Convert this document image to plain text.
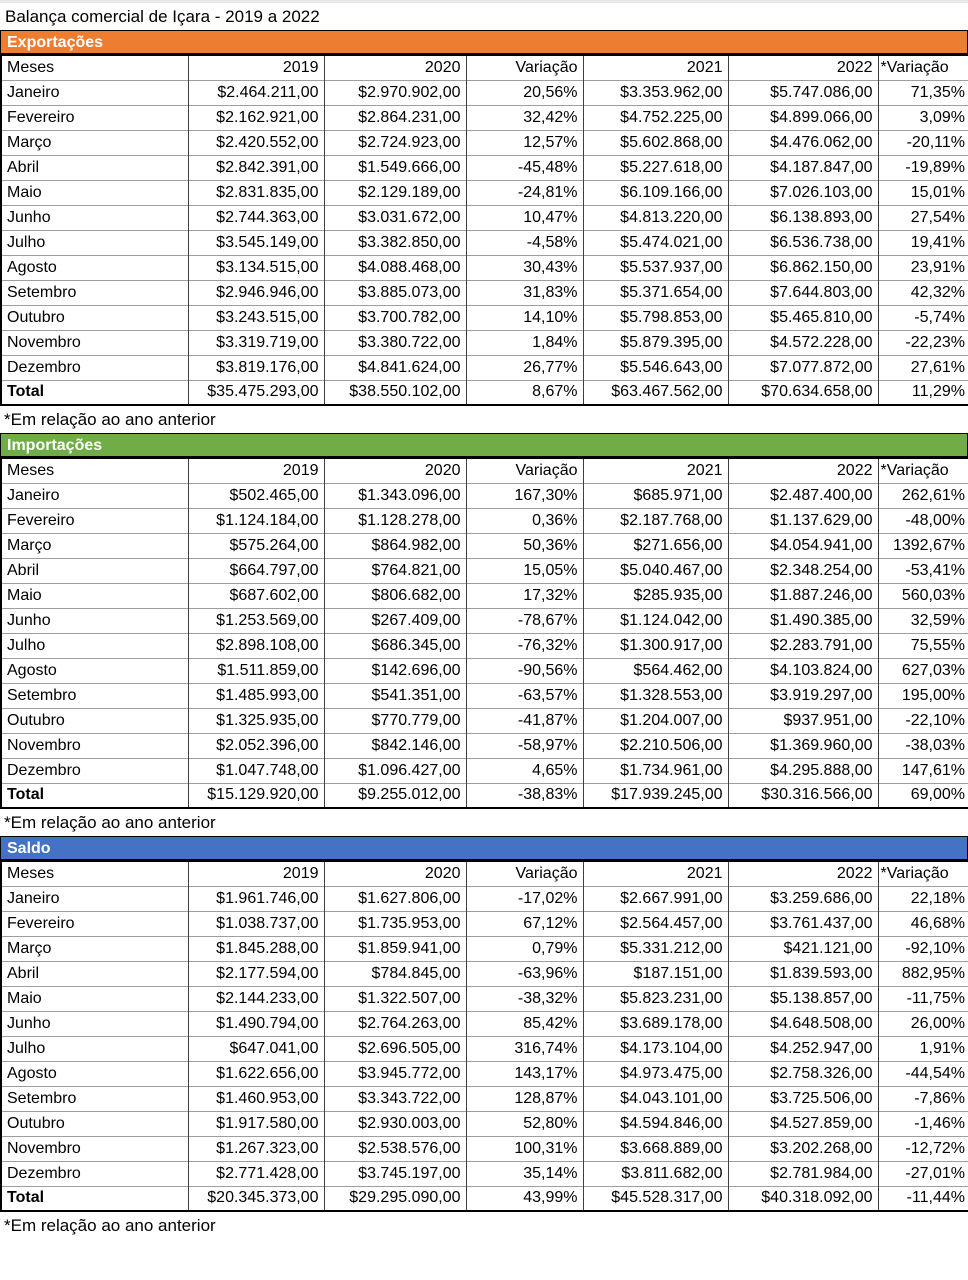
Balança comercial de Içara - 2019 a 2022
Exportações
Meses	2019	2020	Variação	2021	2022	*Variação
Janeiro	$2.464.211,00	$2.970.902,00	20,56%	$3.353.962,00	$5.747.086,00	71,35%
Fevereiro	$2.162.921,00	$2.864.231,00	32,42%	$4.752.225,00	$4.899.066,00	3,09%
Março	$2.420.552,00	$2.724.923,00	12,57%	$5.602.868,00	$4.476.062,00	-20,11%
Abril	$2.842.391,00	$1.549.666,00	-45,48%	$5.227.618,00	$4.187.847,00	-19,89%
Maio	$2.831.835,00	$2.129.189,00	-24,81%	$6.109.166,00	$7.026.103,00	15,01%
Junho	$2.744.363,00	$3.031.672,00	10,47%	$4.813.220,00	$6.138.893,00	27,54%
Julho	$3.545.149,00	$3.382.850,00	-4,58%	$5.474.021,00	$6.536.738,00	19,41%
Agosto	$3.134.515,00	$4.088.468,00	30,43%	$5.537.937,00	$6.862.150,00	23,91%
Setembro	$2.946.946,00	$3.885.073,00	31,83%	$5.371.654,00	$7.644.803,00	42,32%
Outubro	$3.243.515,00	$3.700.782,00	14,10%	$5.798.853,00	$5.465.810,00	-5,74%
Novembro	$3.319.719,00	$3.380.722,00	1,84%	$5.879.395,00	$4.572.228,00	-22,23%
Dezembro	$3.819.176,00	$4.841.624,00	26,77%	$5.546.643,00	$7.077.872,00	27,61%
Total	$35.475.293,00	$38.550.102,00	8,67%	$63.467.562,00	$70.634.658,00	11,29%
*Em relação ao ano anterior
Importações
Meses	2019	2020	Variação	2021	2022	*Variação
Janeiro	$502.465,00	$1.343.096,00	167,30%	$685.971,00	$2.487.400,00	262,61%
Fevereiro	$1.124.184,00	$1.128.278,00	0,36%	$2.187.768,00	$1.137.629,00	-48,00%
Março	$575.264,00	$864.982,00	50,36%	$271.656,00	$4.054.941,00	1392,67%
Abril	$664.797,00	$764.821,00	15,05%	$5.040.467,00	$2.348.254,00	-53,41%
Maio	$687.602,00	$806.682,00	17,32%	$285.935,00	$1.887.246,00	560,03%
Junho	$1.253.569,00	$267.409,00	-78,67%	$1.124.042,00	$1.490.385,00	32,59%
Julho	$2.898.108,00	$686.345,00	-76,32%	$1.300.917,00	$2.283.791,00	75,55%
Agosto	$1.511.859,00	$142.696,00	-90,56%	$564.462,00	$4.103.824,00	627,03%
Setembro	$1.485.993,00	$541.351,00	-63,57%	$1.328.553,00	$3.919.297,00	195,00%
Outubro	$1.325.935,00	$770.779,00	-41,87%	$1.204.007,00	$937.951,00	-22,10%
Novembro	$2.052.396,00	$842.146,00	-58,97%	$2.210.506,00	$1.369.960,00	-38,03%
Dezembro	$1.047.748,00	$1.096.427,00	4,65%	$1.734.961,00	$4.295.888,00	147,61%
Total	$15.129.920,00	$9.255.012,00	-38,83%	$17.939.245,00	$30.316.566,00	69,00%
*Em relação ao ano anterior
Saldo
Meses	2019	2020	Variação	2021	2022	*Variação
Janeiro	$1.961.746,00	$1.627.806,00	-17,02%	$2.667.991,00	$3.259.686,00	22,18%
Fevereiro	$1.038.737,00	$1.735.953,00	67,12%	$2.564.457,00	$3.761.437,00	46,68%
Março	$1.845.288,00	$1.859.941,00	0,79%	$5.331.212,00	$421.121,00	-92,10%
Abril	$2.177.594,00	$784.845,00	-63,96%	$187.151,00	$1.839.593,00	882,95%
Maio	$2.144.233,00	$1.322.507,00	-38,32%	$5.823.231,00	$5.138.857,00	-11,75%
Junho	$1.490.794,00	$2.764.263,00	85,42%	$3.689.178,00	$4.648.508,00	26,00%
Julho	$647.041,00	$2.696.505,00	316,74%	$4.173.104,00	$4.252.947,00	1,91%
Agosto	$1.622.656,00	$3.945.772,00	143,17%	$4.973.475,00	$2.758.326,00	-44,54%
Setembro	$1.460.953,00	$3.343.722,00	128,87%	$4.043.101,00	$3.725.506,00	-7,86%
Outubro	$1.917.580,00	$2.930.003,00	52,80%	$4.594.846,00	$4.527.859,00	-1,46%
Novembro	$1.267.323,00	$2.538.576,00	100,31%	$3.668.889,00	$3.202.268,00	-12,72%
Dezembro	$2.771.428,00	$3.745.197,00	35,14%	$3.811.682,00	$2.781.984,00	-27,01%
Total	$20.345.373,00	$29.295.090,00	43,99%	$45.528.317,00	$40.318.092,00	-11,44%
*Em relação ao ano anterior
